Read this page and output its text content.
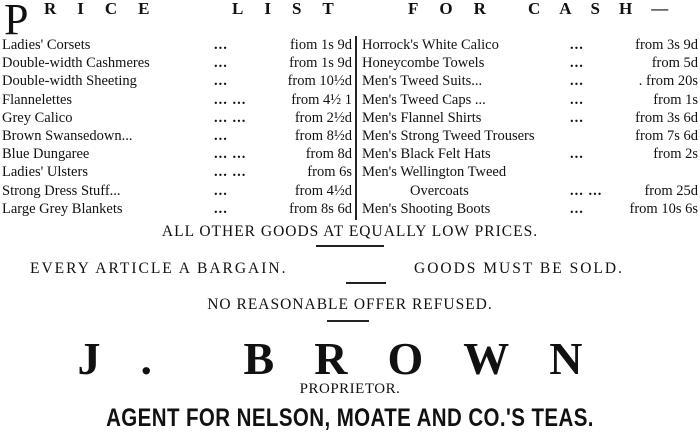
P RICE	LIST	FOR CASH—
Ladies' Corsets	...	fiom 1s 9d
Double-width Cashmeres	...	from 1s 9d
Double-width Sheeting	...	from 10½d
Flannelettes	... ...	from 4½ 1
Grey Calico	... ...	from 2½d
Brown Swansedown...	...	from 8½d
Blue Dungaree	... ...	from 8d
Ladies' Ulsters	... ...	from 6s
Strong Dress Stuff...	...	from 4½d
Large Grey Blankets	...	from 8s 6d
Horrock's White Calico	...	from 3s 9d
Honeycombe Towels	...	from 5d
Men's Tweed Suits...	...	. from 20s
Men's Tweed Caps ...	...	from 1s
Men's Flannel Shirts	...	from 3s 6d
Men's Strong Tweed Trousers	from 7s 6d
Men's Black Felt Hats	...	from 2s
Men's Wellington Tweed
Overcoats	... ...	from 25d
Men's Shooting Boots	...	from 10s 6s
ALL OTHER GOODS AT EQUALLY LOW PRICES.
EVERY ARTICLE A BARGAIN.	GOODS MUST BE SOLD.
NO REASONABLE OFFER REFUSED.
J. BROWN
PROPRIETOR.
AGENT FOR NELSON, MOATE AND CO.'S TEAS.
